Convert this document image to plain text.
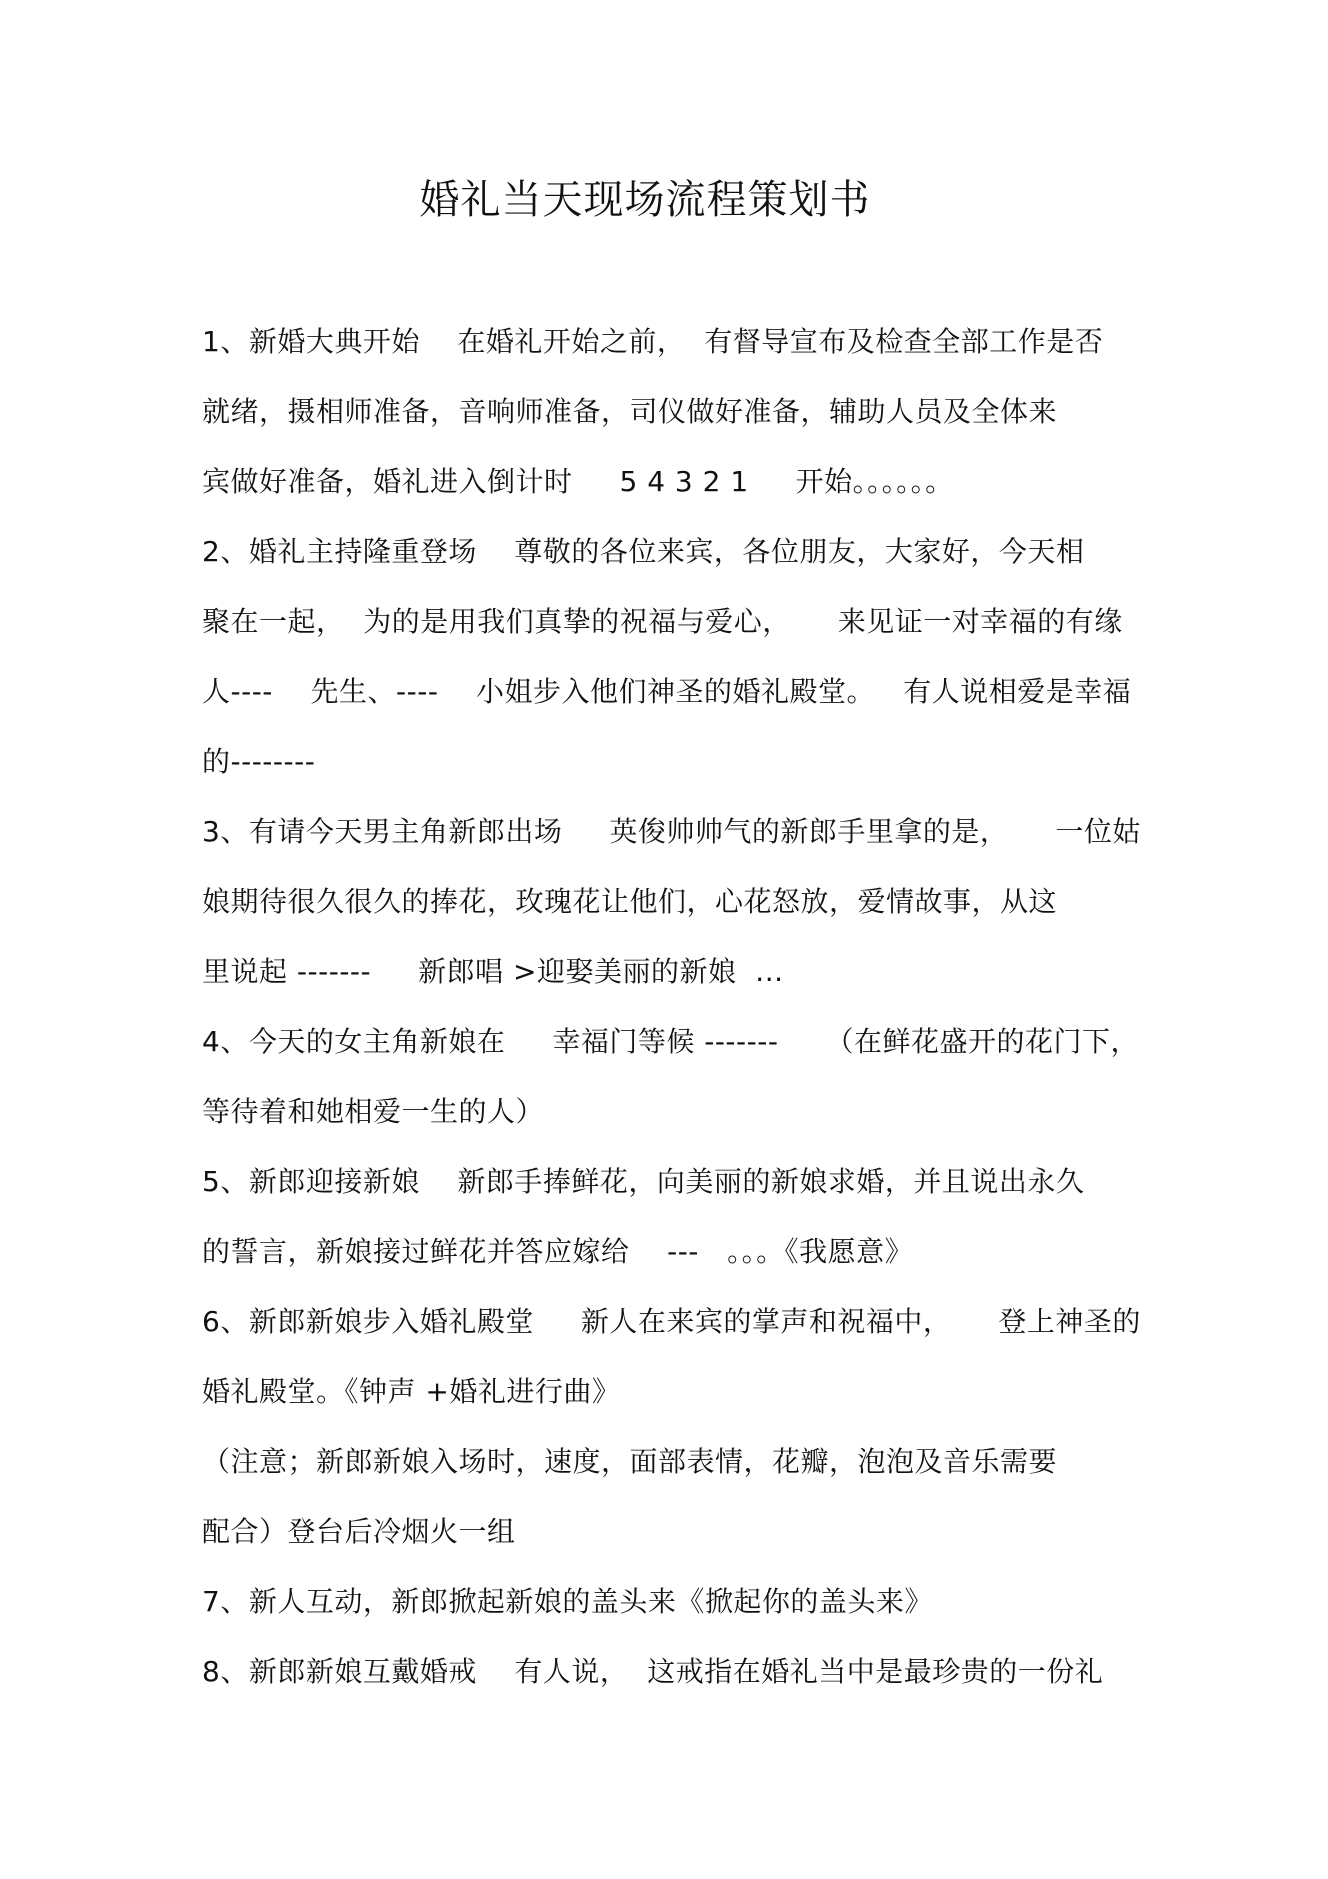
婚礼当天现场流程策划书
1、新婚大典开始    在婚礼开始之前，  有督导宣布及检查全部工作是否
就绪，摄相师准备，音响师准备，司仪做好准备，辅助人员及全体来
宾做好准备，婚礼进入倒计时     5 4 3 2 1     开始。。。。。。
2、婚礼主持隆重登场    尊敬的各位来宾，各位朋友，大家好，今天相
聚在一起，  为的是用我们真挚的祝福与爱心，     来见证一对幸福的有缘
人----    先生、----    小姐步入他们神圣的婚礼殿堂。   有人说相爱是幸福
的--------
3、有请今天男主角新郎出场     英俊帅帅气的新郎手里拿的是，     一位姑
娘期待很久很久的捧花，玫瑰花让他们，心花怒放，爱情故事，从这
里说起 -------     新郎唱 >迎娶美丽的新娘  ...
4、今天的女主角新娘在     幸福门等候 -------     （在鲜花盛开的花门下，
等待着和她相爱一生的人）
5、新郎迎接新娘    新郎手捧鲜花，向美丽的新娘求婚，并且说出永久
的誓言，新娘接过鲜花并答应嫁给    ---   。。。《我愿意》
6、新郎新娘步入婚礼殿堂     新人在来宾的掌声和祝福中，     登上神圣的
婚礼殿堂。《钟声 +婚礼进行曲》
（注意；新郎新娘入场时，速度，面部表情，花瓣，泡泡及音乐需要
配合）登台后冷烟火一组
7、新人互动，新郎掀起新娘的盖头来《掀起你的盖头来》
8、新郎新娘互戴婚戒    有人说，  这戒指在婚礼当中是最珍贵的一份礼
